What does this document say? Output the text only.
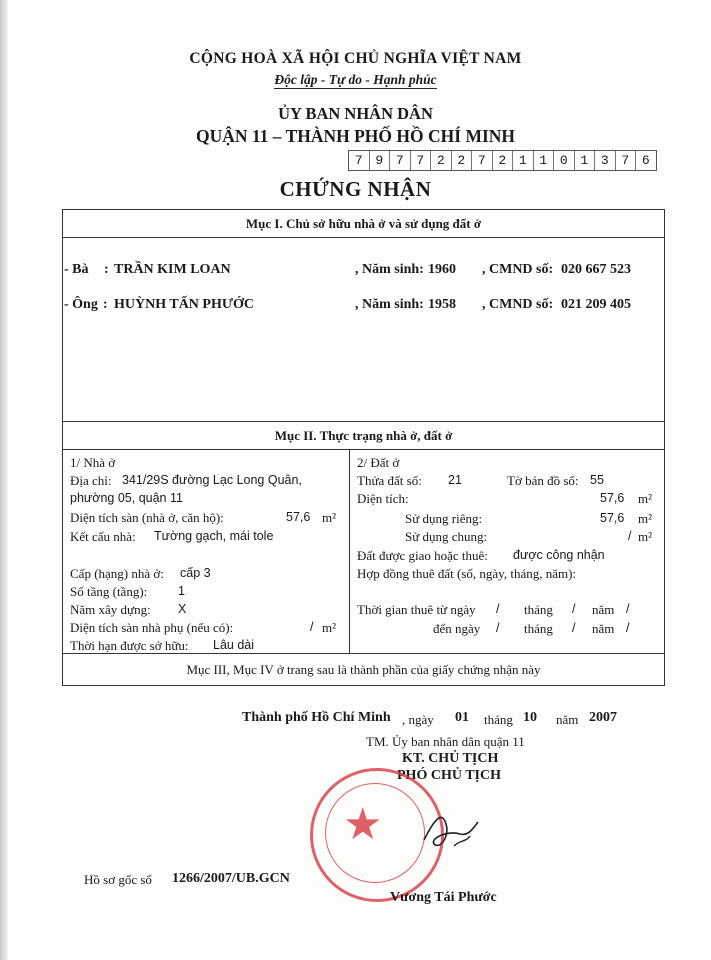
CỘNG HOÀ XÃ HỘI CHỦ NGHĨA VIỆT NAM
Độc lập - Tự do - Hạnh phúc
ỦY BAN NHÂN DÂN
QUẬN 11 – THÀNH PHỐ HỒ CHÍ MINH
7 9 7 7 2 2 7 2 1 1 0 1 3 7 6
CHỨNG NHẬN
Mục I. Chủ sở hữu nhà ở và sử dụng đất ở
- Bà : TRẦN KIM LOAN	, Năm sinh: 1960 , CMND số: 020 667 523
- Ông : HUỲNH TẤN PHƯỚC	, Năm sinh: 1958 , CMND số: 021 209 405
Mục II. Thực trạng nhà ở, đất ở
1/ Nhà ở
Địa chỉ: 341/29S đường Lạc Long Quân,
phường 05, quận 11
Diện tích sàn (nhà ở, căn hộ):	57,6 m²
Kết cấu nhà: Tường gạch, mái tole
Cấp (hạng) nhà ở: cấp 3
Số tầng (tầng): 1
Năm xây dựng: X
Diện tích sàn nhà phụ (nếu có):	/ m²
Thời hạn được sở hữu: Lâu dài
2/ Đất ở
Thửa đất số: 21	Tờ bản đồ số: 55
Diện tích:	57,6 m²
Sử dụng riêng:	57,6 m²
Sử dụng chung:	/ m²
Đất được giao hoặc thuê: được công nhận
Hợp đồng thuê đất (số, ngày, tháng, năm):
Thời gian thuê từ ngày / tháng / năm /
đến ngày / tháng / năm /
Mục III, Mục IV ở trang sau là thành phần của giấy chứng nhận này
Thành phố Hồ Chí Minh , ngày 01 tháng 10 năm 2007
TM. Ủy ban nhân dân quận 11
KT. CHỦ TỊCH
PHÓ CHỦ TỊCH
★
Vương Tái Phước
Hồ sơ gốc số 1266/2007/UB.GCN
